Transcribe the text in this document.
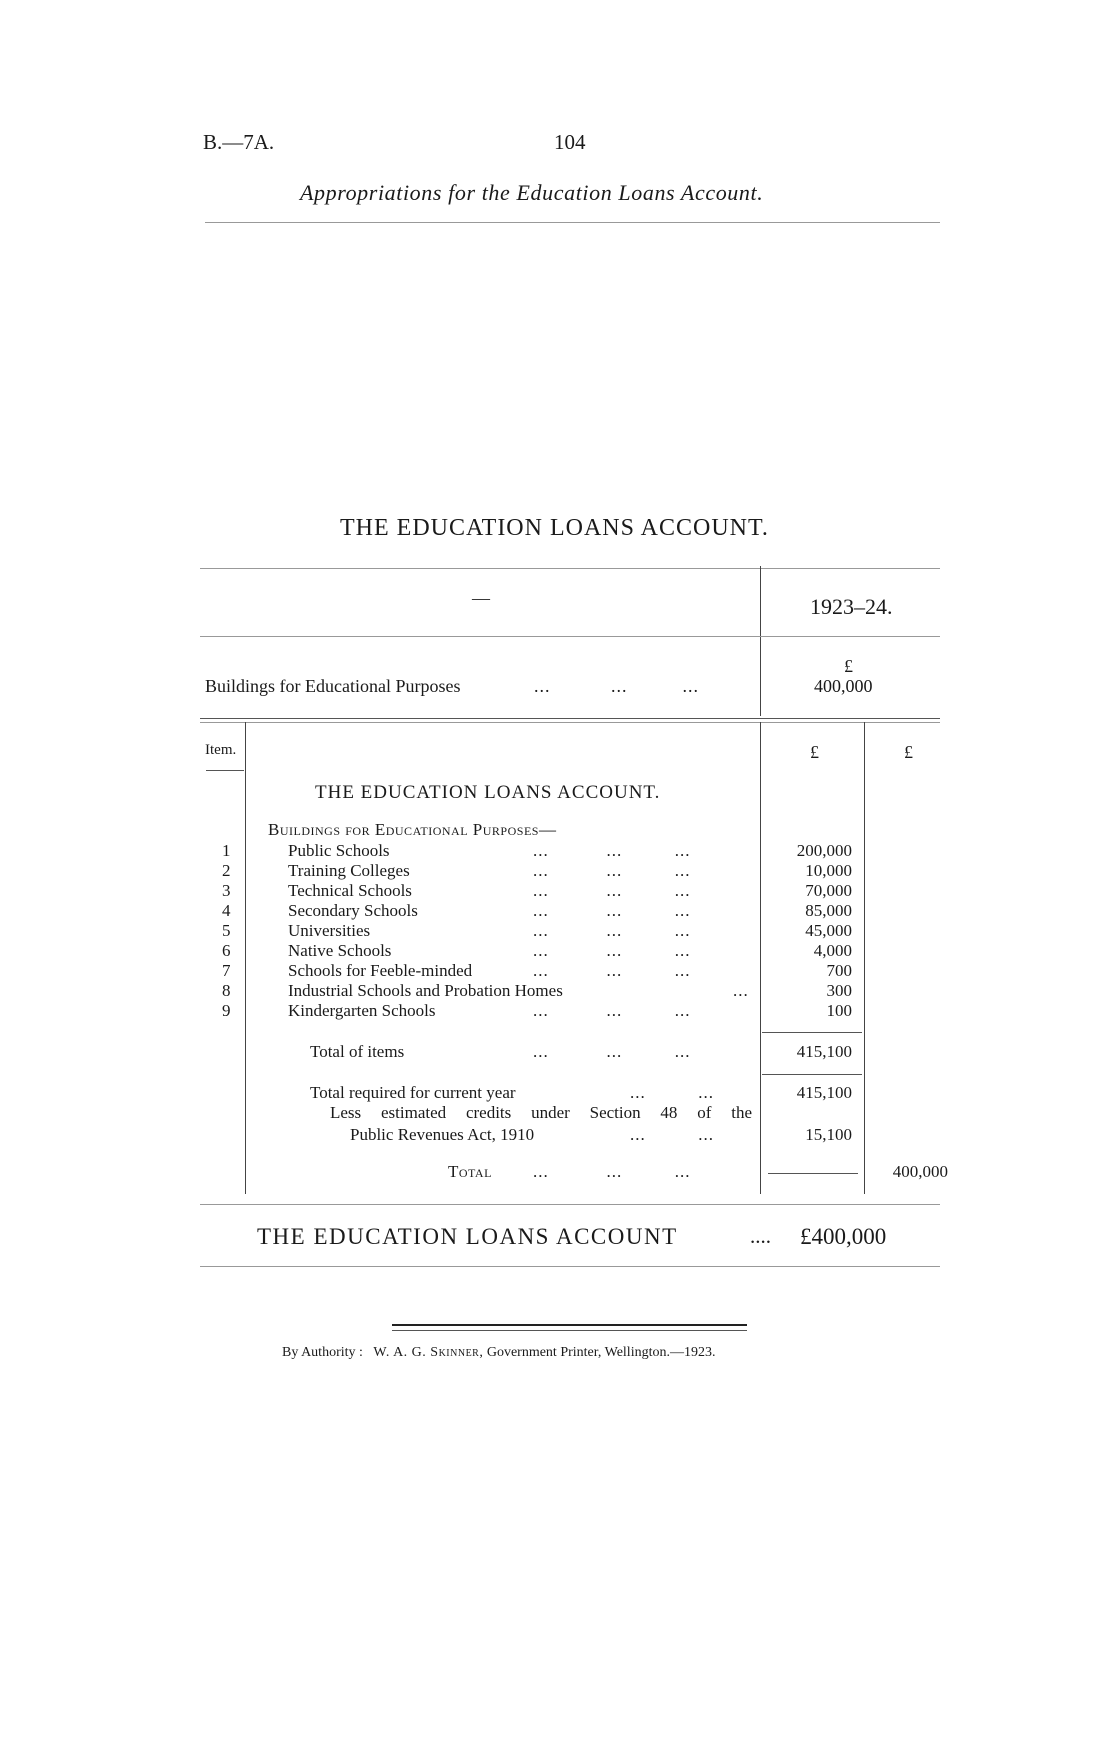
B.—7A.	104
Appropriations for the Education Loans Account.
THE EDUCATION LOANS ACCOUNT.
—	1923–24.
£
Buildings for Educational Purposes	...           ...          ...	400,000
Item.	£	£
THE EDUCATION LOANS ACCOUNT.
Buildings for Educational Purposes—
1	Public Schools	...           ...          ...	200,000
2	Training Colleges	...           ...          ...	10,000
3	Technical Schools	...           ...          ...	70,000
4	Secondary Schools	...           ...          ...	85,000
5	Universities	...           ...          ...	45,000
6	Native Schools	...           ...          ...	4,000
7	Schools for Feeble-minded	...           ...          ...	700
8	Industrial Schools and Probation Homes	...	300
9	Kindergarten Schools	...           ...          ...	100
Total of items	...           ...          ...	415,100
Total required for current year	...          ...	415,100
Less estimated credits under Section 48 of the
Public Revenues Act, 1910	...          ...	15,100
Total ...           ...          ...	400,000
THE EDUCATION LOANS ACCOUNT	.... £400,000
By Authority : W. A. G. Skinner, Government Printer, Wellington.—1923.
